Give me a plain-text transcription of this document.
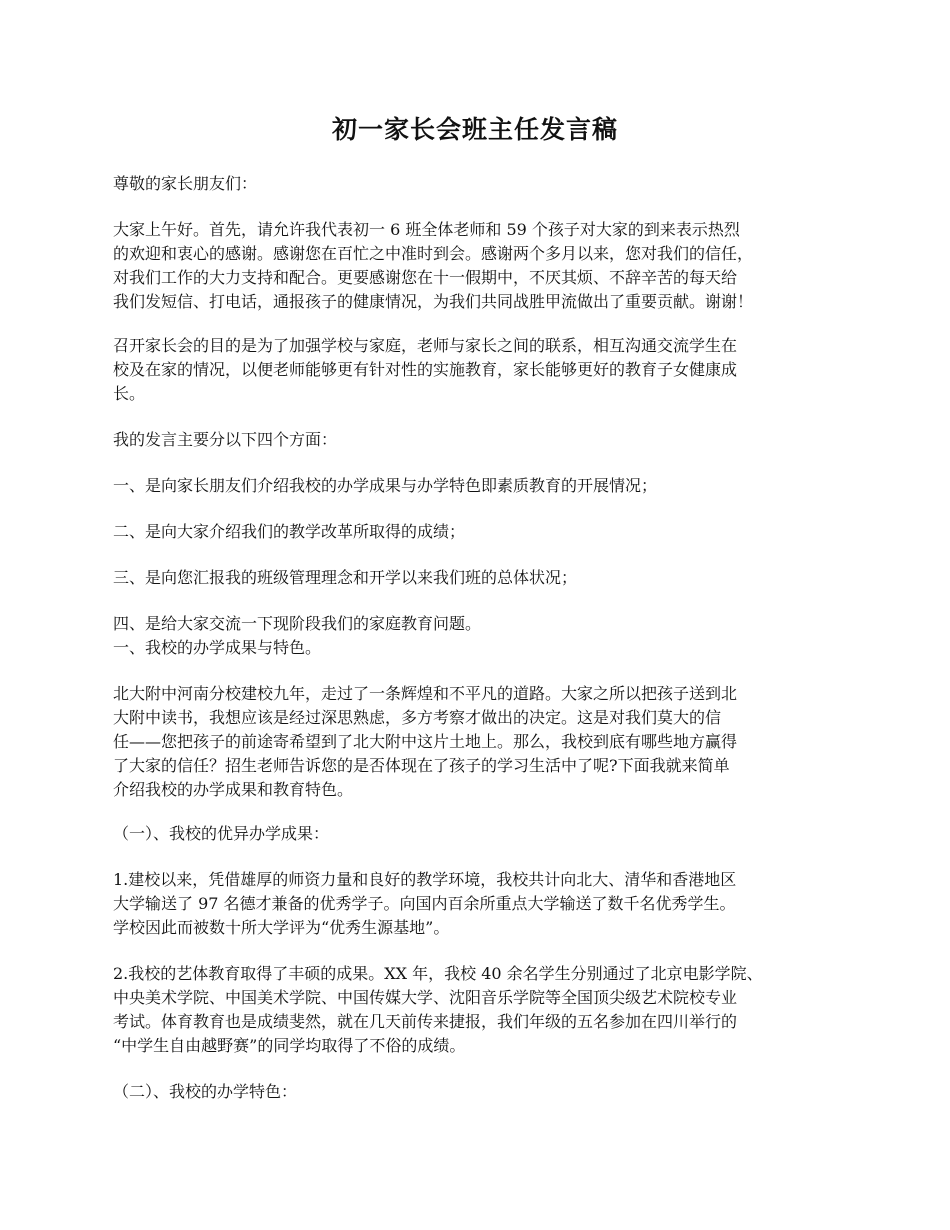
初一家长会班主任发言稿
尊敬的家长朋友们：
大家上午好。首先，请允许我代表初一 6 班全体老师和 59 个孩子对大家的到来表示热烈
的欢迎和衷心的感谢。感谢您在百忙之中准时到会。感谢两个多月以来，您对我们的信任，
对我们工作的大力支持和配合。更要感谢您在十一假期中，不厌其烦、不辞辛苦的每天给
我们发短信、打电话，通报孩子的健康情况，为我们共同战胜甲流做出了重要贡献。谢谢！
召开家长会的目的是为了加强学校与家庭，老师与家长之间的联系，相互沟通交流学生在
校及在家的情况，以便老师能够更有针对性的实施教育，家长能够更好的教育子女健康成
长。
我的发言主要分以下四个方面：
一、是向家长朋友们介绍我校的办学成果与办学特色即素质教育的开展情况；
二、是向大家介绍我们的教学改革所取得的成绩；
三、是向您汇报我的班级管理理念和开学以来我们班的总体状况；
四、是给大家交流一下现阶段我们的家庭教育问题。
一、我校的办学成果与特色。
北大附中河南分校建校九年，走过了一条辉煌和不平凡的道路。大家之所以把孩子送到北
大附中读书，我想应该是经过深思熟虑，多方考察才做出的决定。这是对我们莫大的信
任——您把孩子的前途寄希望到了北大附中这片土地上。那么，我校到底有哪些地方赢得
了大家的信任？招生老师告诉您的是否体现在了孩子的学习生活中了呢?下面我就来简单
介绍我校的办学成果和教育特色。
（一）、我校的优异办学成果：
1.建校以来，凭借雄厚的师资力量和良好的教学环境，我校共计向北大、清华和香港地区
大学输送了 97 名德才兼备的优秀学子。向国内百余所重点大学输送了数千名优秀学生。
学校因此而被数十所大学评为“优秀生源基地”。
2.我校的艺体教育取得了丰硕的成果。XX 年，我校 40 余名学生分别通过了北京电影学院、
中央美术学院、中国美术学院、中国传媒大学、沈阳音乐学院等全国顶尖级艺术院校专业
考试。体育教育也是成绩斐然，就在几天前传来捷报，我们年级的五名参加在四川举行的
“中学生自由越野赛”的同学均取得了不俗的成绩。
（二）、我校的办学特色：
